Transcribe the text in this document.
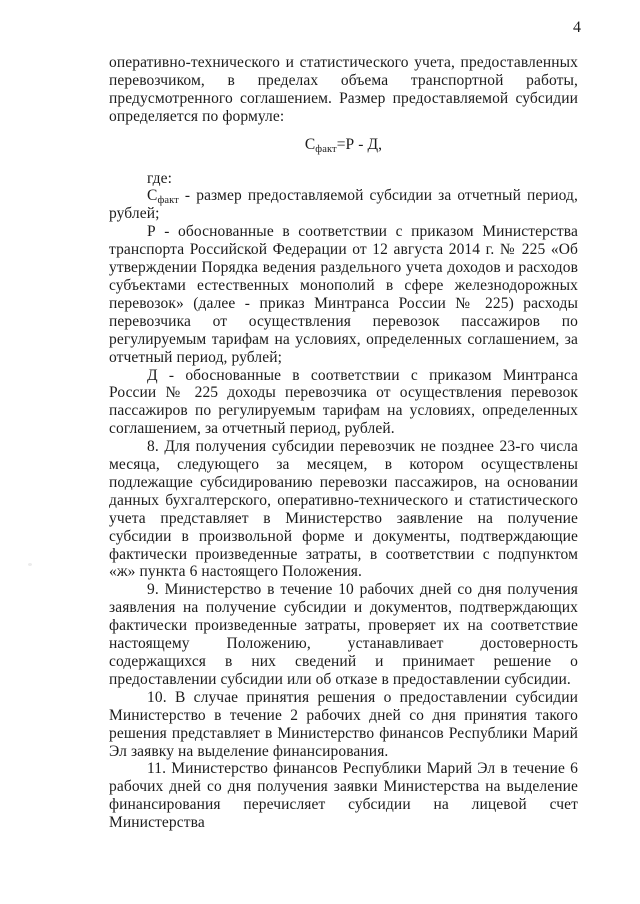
4

оперативно-технического и статистического учета, предоставленных перевозчиком, в пределах объема транспортной работы, предусмотренного соглашением. Размер предоставляемой субсидии определяется по формуле:

$С_{факт}=Р - Д$,

где:

$С_{факт}$ - размер предоставляемой субсидии за отчетный период, рублей;

Р - обоснованные в соответствии с приказом Министерства транспорта Российской Федерации от 12 августа 2014 г. № 225 «Об утверждении Порядка ведения раздельного учета доходов и расходов субъектами естественных монополий в сфере железнодорожных перевозок» (далее - приказ Минтранса России № 225) расходы перевозчика от осуществления перевозок пассажиров по регулируемым тарифам на условиях, определенных соглашением, за отчетный период, рублей;

Д - обоснованные в соответствии с приказом Минтранса России № 225 доходы перевозчика от осуществления перевозок пассажиров по регулируемым тарифам на условиях, определенных соглашением, за отчетный период, рублей.

8. Для получения субсидии перевозчик не позднее 23-го числа месяца, следующего за месяцем, в котором осуществлены подлежащие субсидированию перевозки пассажиров, на основании данных бухгалтерского, оперативно-технического и статистического учета представляет в Министерство заявление на получение субсидии в произвольной форме и документы, подтверждающие фактически произведенные затраты, в соответствии с подпунктом «ж» пункта 6 настоящего Положения.

9. Министерство в течение 10 рабочих дней со дня получения заявления на получение субсидии и документов, подтверждающих фактически произведенные затраты, проверяет их на соответствие настоящему Положению, устанавливает достоверность содержащихся в них сведений и принимает решение о предоставлении субсидии или об отказе в предоставлении субсидии.

10. В случае принятия решения о предоставлении субсидии Министерство в течение 2 рабочих дней со дня принятия такого решения представляет в Министерство финансов Республики Марий Эл заявку на выделение финансирования.

11. Министерство финансов Республики Марий Эл в течение 6 рабочих дней со дня получения заявки Министерства на выделение финансирования перечисляет субсидии на лицевой счет Министерства
